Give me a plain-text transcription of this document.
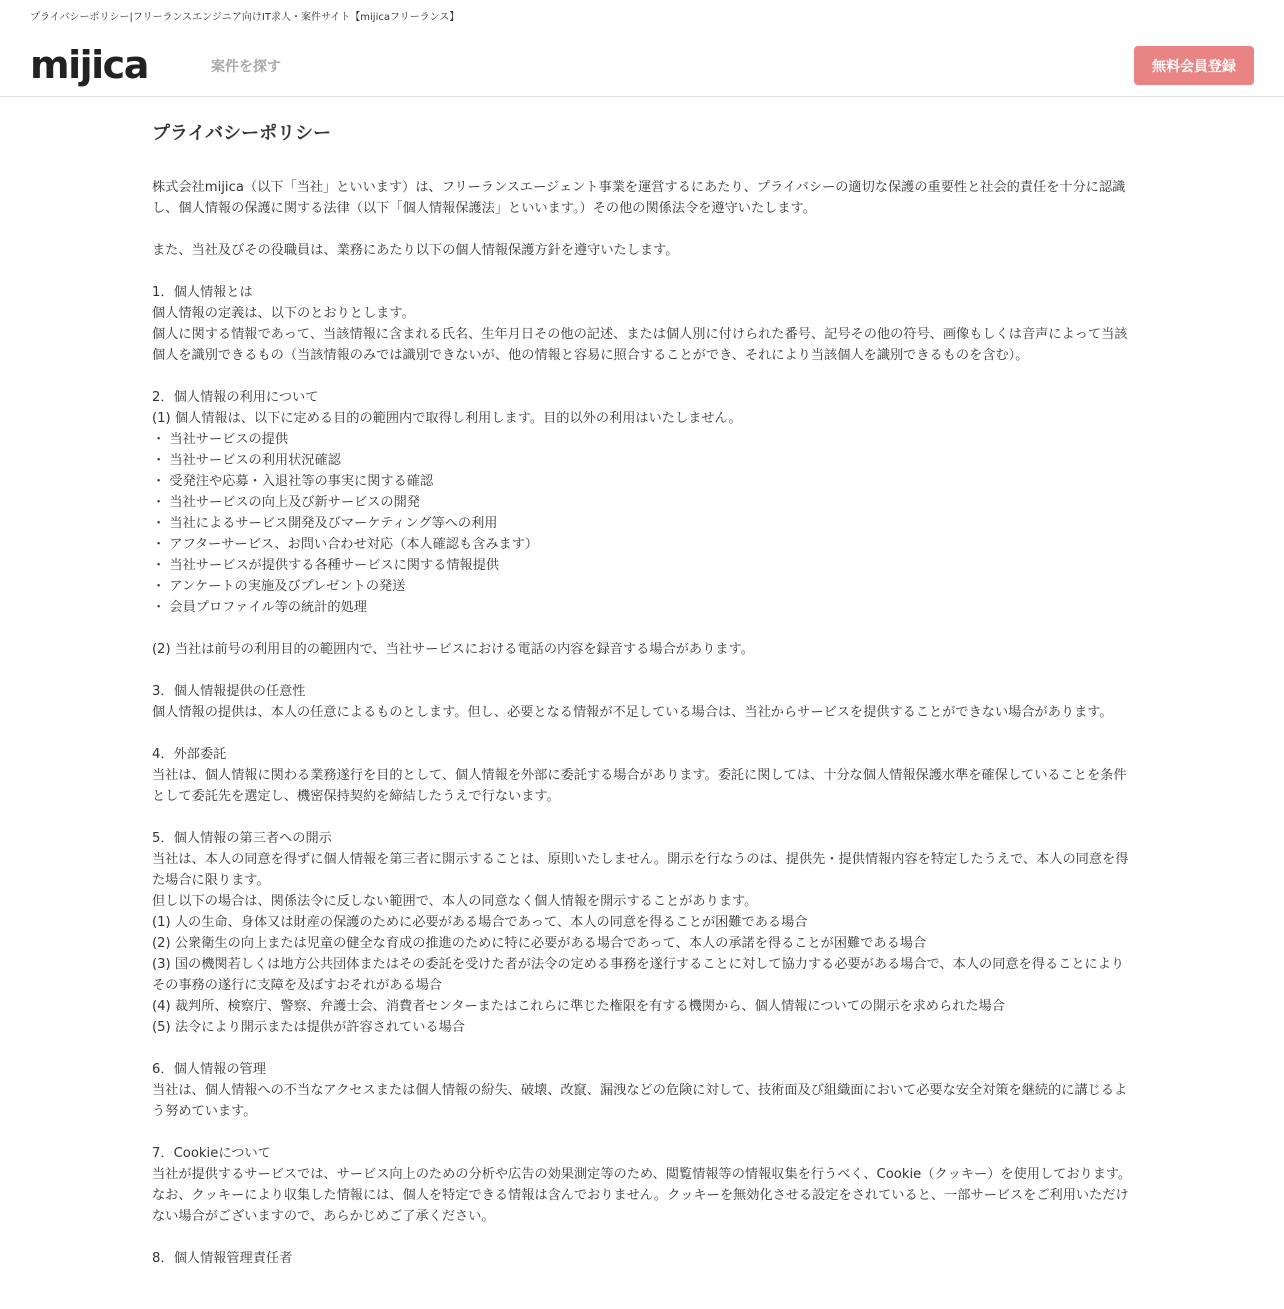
プライバシーポリシー|フリーランスエンジニア向けIT求人・案件サイト【mijicaフリーランス】
mijica	案件を探す	無料会員登録
プライバシーポリシー

株式会社mijica（以下「当社」といいます）は、フリーランスエージェント事業を運営するにあたり、プライバシーの適切な保護の重要性と社会的責任を十分に認識し、個人情報の保護に関する法律（以下「個人情報保護法」といいます。）その他の関係法令を遵守いたします。

また、当社及びその役職員は、業務にあたり以下の個人情報保護方針を遵守いたします。

1．個人情報とは

個人情報の定義は、以下のとおりとします。

個人に関する情報であって、当該情報に含まれる氏名、生年月日その他の記述、または個人別に付けられた番号、記号その他の符号、画像もしくは音声によって当該個人を識別できるもの（当該情報のみでは識別できないが、他の情報と容易に照合することができ、それにより当該個人を識別できるものを含む）。

2．個人情報の利用について

(1) 個人情報は、以下に定める目的の範囲内で取得し利用します。目的以外の利用はいたしません。

・ 当社サービスの提供

・ 当社サービスの利用状況確認

・ 受発注や応募・入退社等の事実に関する確認

・ 当社サービスの向上及び新サービスの開発

・ 当社によるサービス開発及びマーケティング等への利用

・ アフターサービス、お問い合わせ対応（本人確認も含みます）

・ 当社サービスが提供する各種サービスに関する情報提供

・ アンケートの実施及びプレゼントの発送

・ 会員プロファイル等の統計的処理

(2) 当社は前号の利用目的の範囲内で、当社サービスにおける電話の内容を録音する場合があります。

3．個人情報提供の任意性

個人情報の提供は、本人の任意によるものとします。但し、必要となる情報が不足している場合は、当社からサービスを提供することができない場合があります。

4．外部委託

当社は、個人情報に関わる業務遂行を目的として、個人情報を外部に委託する場合があります。委託に関しては、十分な個人情報保護水準を確保していることを条件として委託先を選定し、機密保持契約を締結したうえで行ないます。

5．個人情報の第三者への開示

当社は、本人の同意を得ずに個人情報を第三者に開示することは、原則いたしません。開示を行なうのは、提供先・提供情報内容を特定したうえで、本人の同意を得た場合に限ります。

但し以下の場合は、関係法令に反しない範囲で、本人の同意なく個人情報を開示することがあります。

(1) 人の生命、身体又は財産の保護のために必要がある場合であって、本人の同意を得ることが困難である場合

(2) 公衆衛生の向上または児童の健全な育成の推進のために特に必要がある場合であって、本人の承諾を得ることが困難である場合

(3) 国の機関若しくは地方公共団体またはその委託を受けた者が法令の定める事務を遂行することに対して協力する必要がある場合で、本人の同意を得ることによりその事務の遂行に支障を及ぼすおそれがある場合

(4) 裁判所、検察庁、警察、弁護士会、消費者センターまたはこれらに準じた権限を有する機関から、個人情報についての開示を求められた場合

(5) 法令により開示または提供が許容されている場合

6．個人情報の管理

当社は、個人情報への不当なアクセスまたは個人情報の紛失、破壊、改竄、漏洩などの危険に対して、技術面及び組織面において必要な安全対策を継続的に講じるよう努めています。

7．Cookieについて

当社が提供するサービスでは、サービス向上のための分析や広告の効果測定等のため、閲覧情報等の情報収集を行うべく、Cookie（クッキー）を使用しております。なお、クッキーにより収集した情報には、個人を特定できる情報は含んでおりません。クッキーを無効化させる設定をされていると、一部サービスをご利用いただけない場合がございますので、あらかじめご了承ください。

8．個人情報管理責任者
